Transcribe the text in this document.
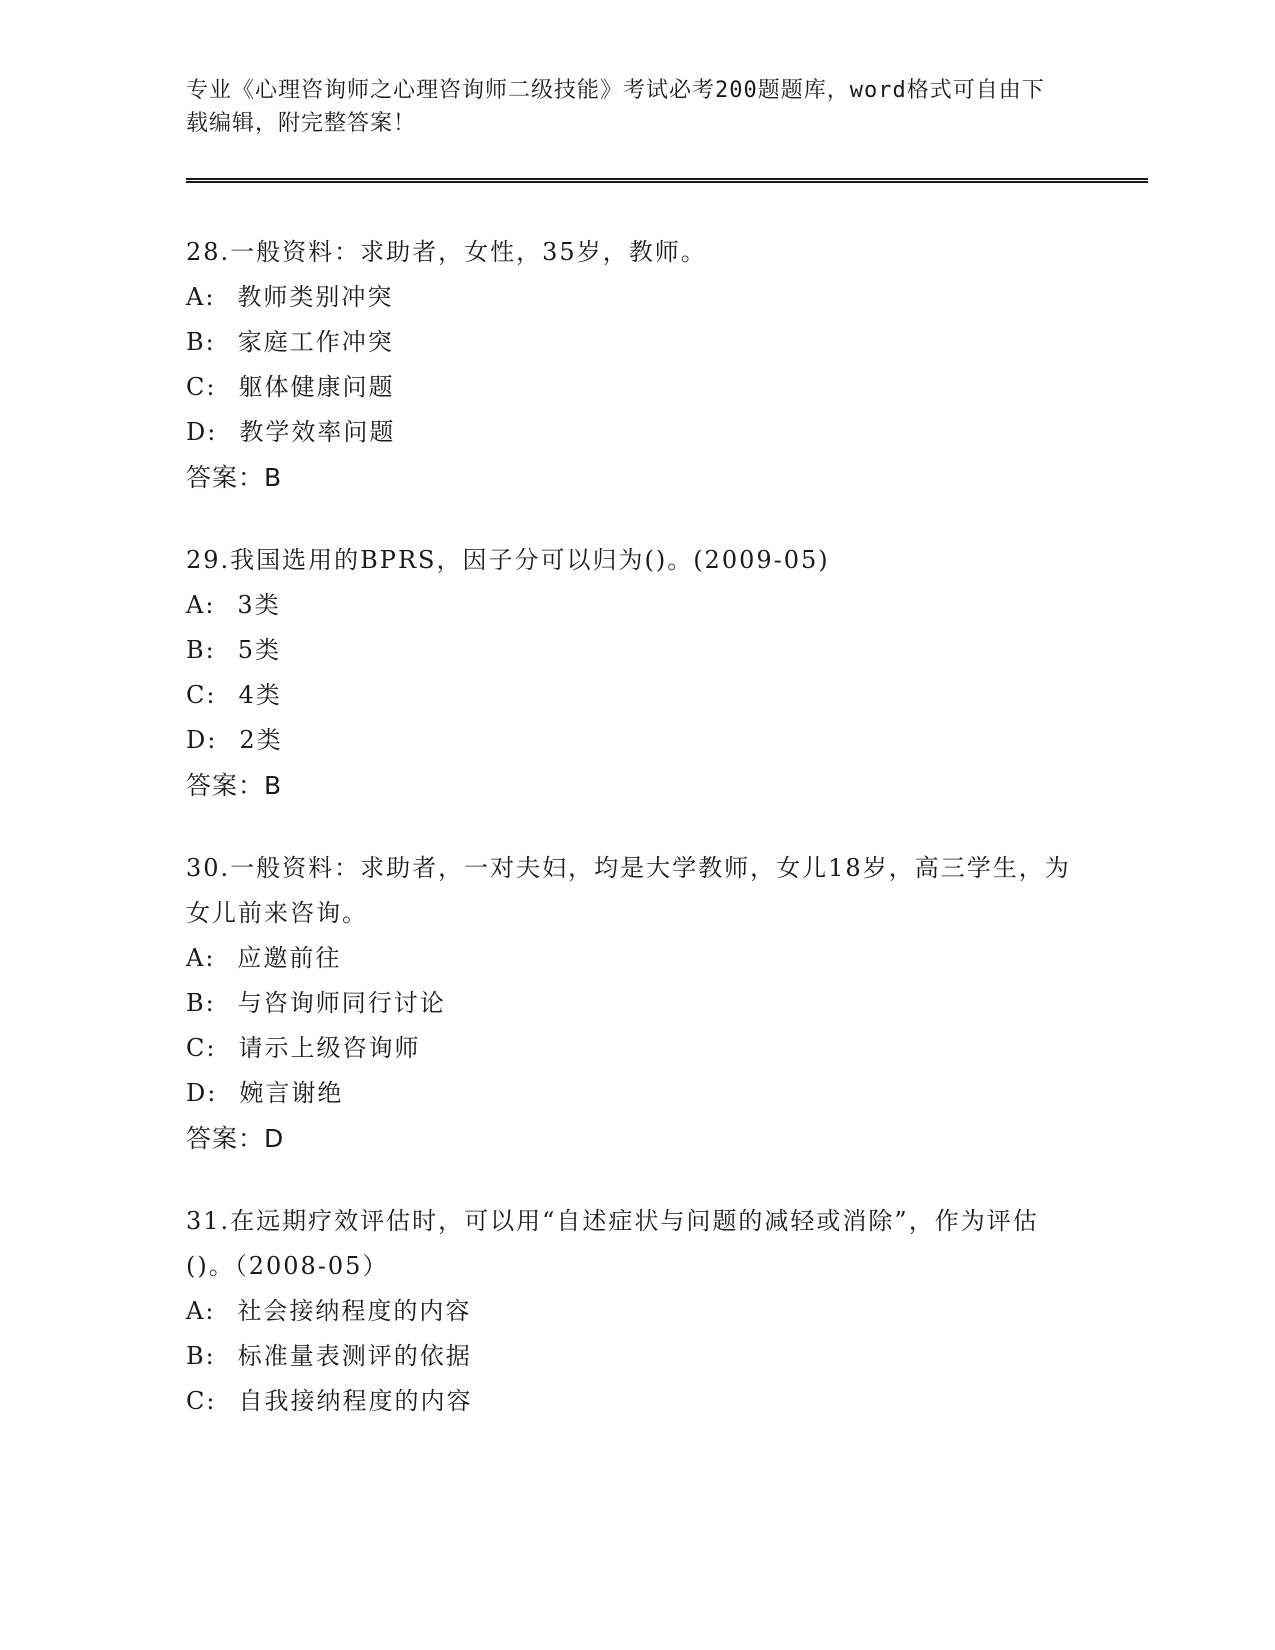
专业《心理咨询师之心理咨询师二级技能》考试必考200题题库，word格式可自由下载编辑，附完整答案！

28.一般资料：求助者，女性，35岁，教师。

A: 教师类别冲突

B: 家庭工作冲突

C: 躯体健康问题

D: 教学效率问题

答案：B

29.我国选用的BPRS，因子分可以归为()。(2009-05)

A: 3类

B: 5类

C: 4类

D: 2类

答案：B

30.一般资料：求助者，一对夫妇，均是大学教师，女儿18岁，高三学生，为女儿前来咨询。

A: 应邀前往

B: 与咨询师同行讨论

C: 请示上级咨询师

D: 婉言谢绝

答案：D

31.在远期疗效评估时，可以用“自述症状与问题的减轻或消除”，作为评估()。（2008-05）

A: 社会接纳程度的内容

B: 标准量表测评的依据

C: 自我接纳程度的内容
